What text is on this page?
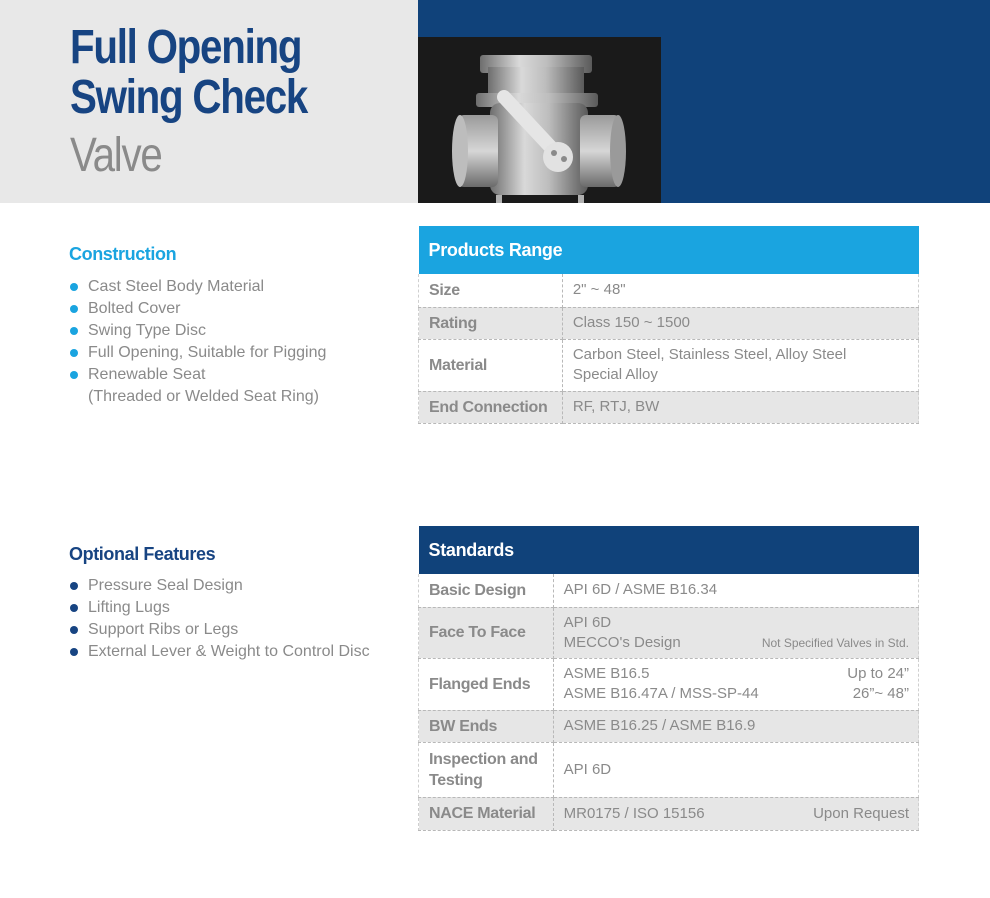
Full Opening
Swing Check
Valve
Construction
Cast Steel Body Material
Bolted Cover
Swing Type Disc
Full Opening, Suitable for Pigging
Renewable Seat
(Threaded or Welded Seat Ring)
Optional Features
Pressure Seal Design
Lifting Lugs
Support Ribs or Legs
External Lever & Weight to Control Disc
Products Range	
Size	2" ~ 48"
Rating	Class 150 ~ 1500
Material	Carbon Steel, Stainless Steel, Alloy Steel
Special Alloy

End Connection	RF, RTJ, BW
Standards	
Basic Design	API 6D / ASME B16.34
Face To Face	API 6D
MECCO's Design Not Specified Valves in Std.

Flanged Ends	ASME B16.5 Up to 24”
ASME B16.47A / MSS-SP-44 26”~ 48”

BW Ends	ASME B16.25 / ASME B16.9

Inspection and
Testing	API 6D
NACE Material	MR0175 / ISO 15156 Upon Request
